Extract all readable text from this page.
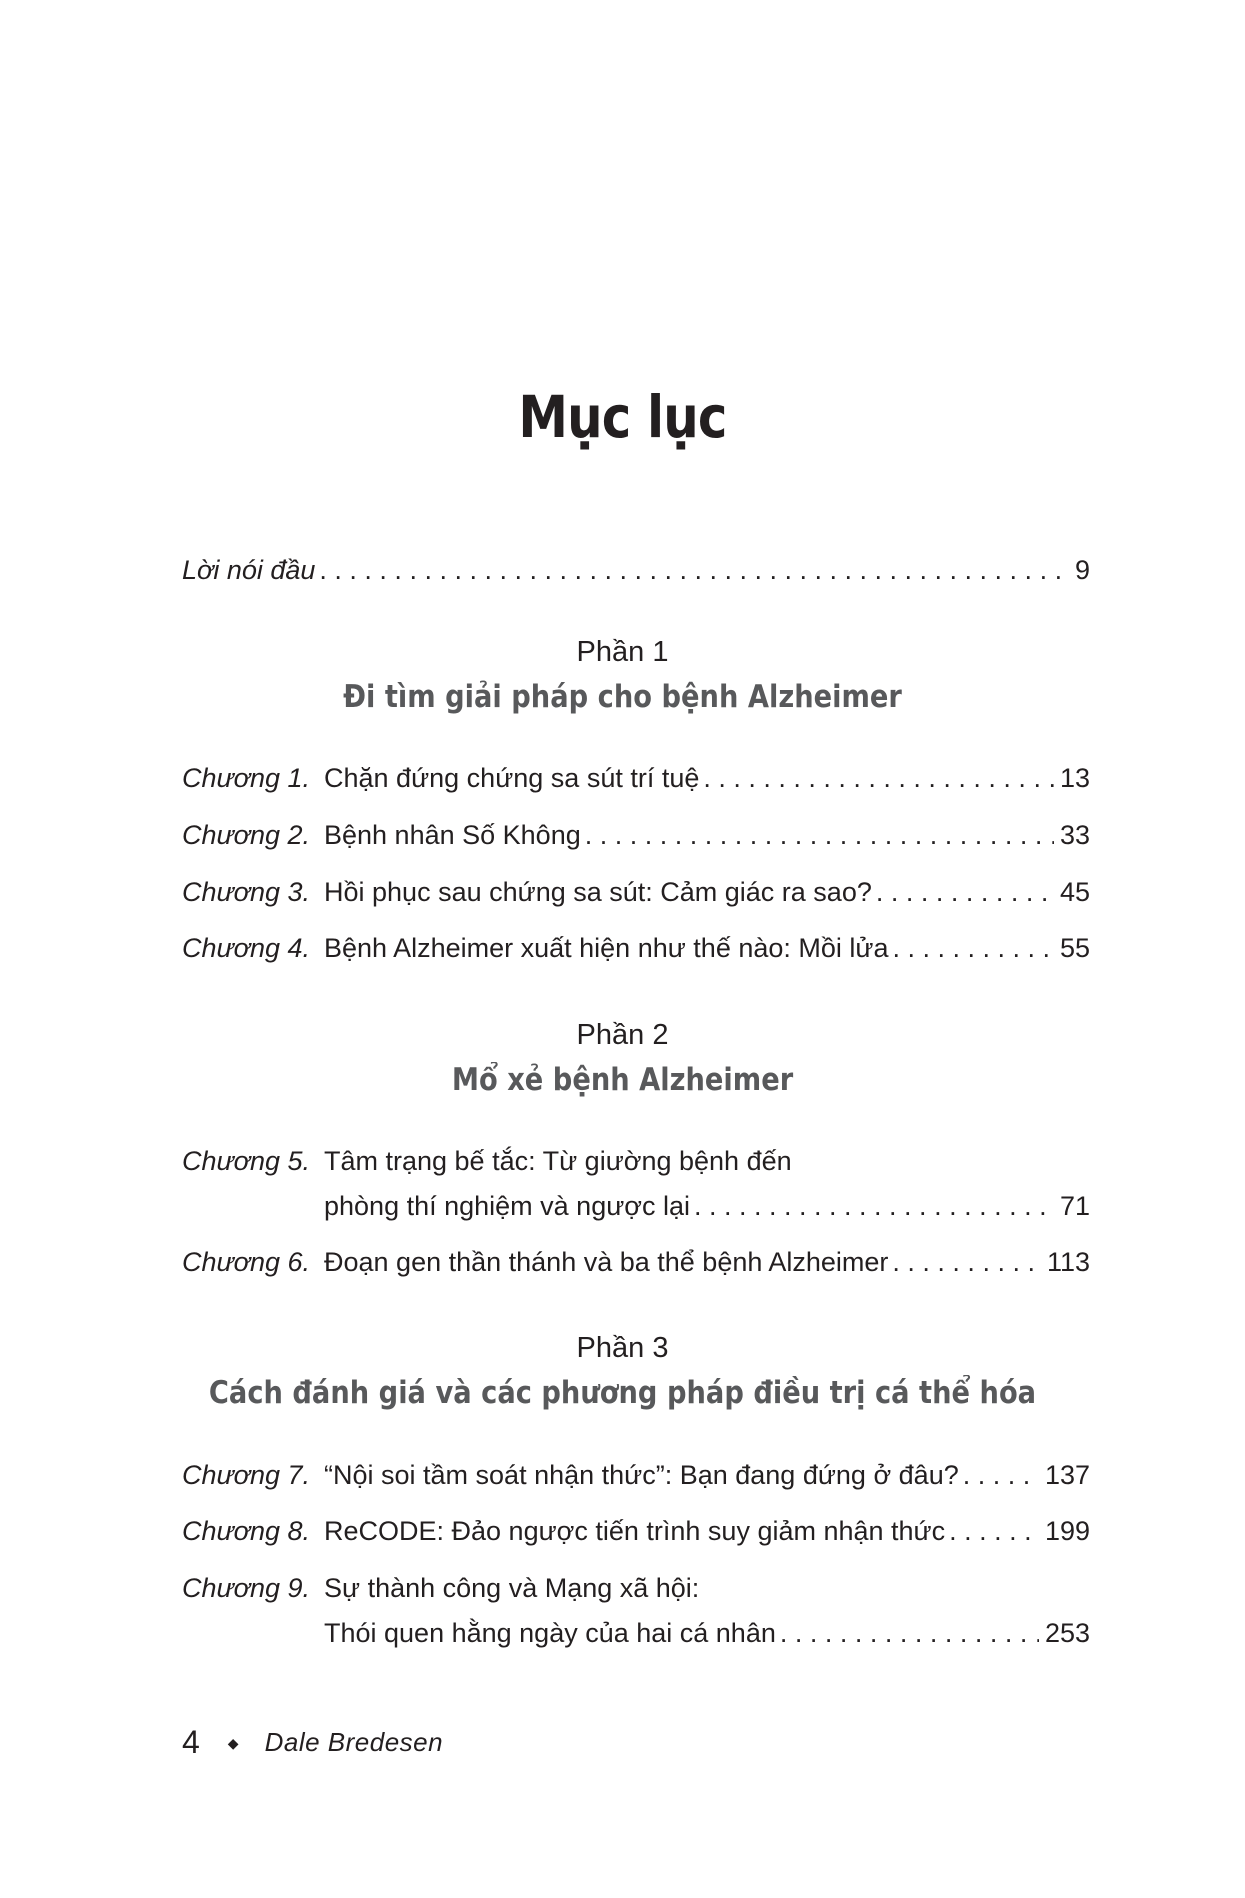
Mục lục
Lời nói đầu . . .	9
Phần 1
Đi tìm giải pháp cho bệnh Alzheimer
Chương 1. Chặn đứng chứng sa sút trí tuệ . . .	13
Chương 2. Bệnh nhân Số Không . . .	33
Chương 3. Hồi phục sau chứng sa sút: Cảm giác ra sao? . . .	45
Chương 4. Bệnh Alzheimer xuất hiện như thế nào: Mồi lửa . . .	55
Phần 2
Mổ xẻ bệnh Alzheimer
Chương 5. Tâm trạng bế tắc: Từ giường bệnh đến
phòng thí nghiệm và ngược lại . . .	71
Chương 6. Đoạn gen thần thánh và ba thể bệnh Alzheimer . . .	113
Phần 3
Cách đánh giá và các phương pháp điều trị cá thể hóa
Chương 7. “Nội soi tầm soát nhận thức”: Bạn đang đứng ở đâu? . . .	137
Chương 8. ReCODE: Đảo ngược tiến trình suy giảm nhận thức . . .	199
Chương 9. Sự thành công và Mạng xã hội:
Thói quen hằng ngày của hai cá nhân . . .	253
4 ◆ Dale Bredesen
